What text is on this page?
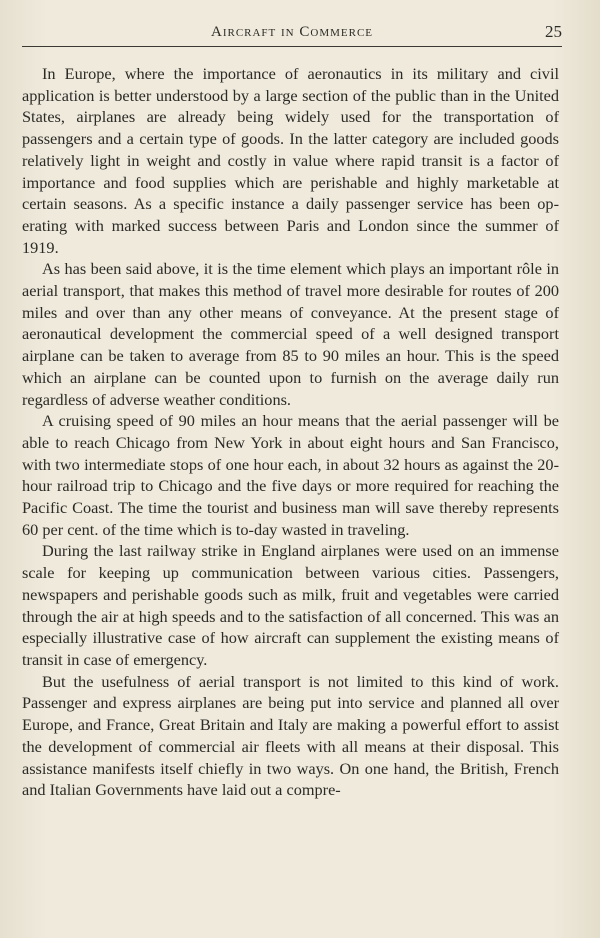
Aircraft in Commerce	25

In Europe, where the importance of aeronautics in its military and civil application is better understood by a large section of the public than in the United States, airplanes are already being widely used for the transportation of passengers and a certain type of goods. In the latter category are included goods relatively light in weight and costly in value where rapid transit is a factor of importance and food supplies which are perishable and highly marketable at certain seasons. As a specific instance a daily passenger service has been operating with marked success between Paris and London since the summer of 1919.

As has been said above, it is the time element which plays an important rôle in aerial transport, that makes this method of travel more desirable for routes of 200 miles and over than any other means of conveyance. At the present stage of aeronautical development the commercial speed of a well designed transport airplane can be taken to average from 85 to 90 miles an hour. This is the speed which an airplane can be counted upon to furnish on the average daily run regardless of adverse weather conditions.

A cruising speed of 90 miles an hour means that the aerial passenger will be able to reach Chicago from New York in about eight hours and San Francisco, with two intermediate stops of one hour each, in about 32 hours as against the 20-hour railroad trip to Chicago and the five days or more required for reaching the Pacific Coast. The time the tourist and business man will save thereby represents 60 per cent. of the time which is to-day wasted in traveling.

During the last railway strike in England airplanes were used on an immense scale for keeping up communication between various cities. Passengers, newspapers and perishable goods such as milk, fruit and vegetables were carried through the air at high speeds and to the satisfaction of all concerned. This was an especially illustrative case of how aircraft can supplement the existing means of transit in case of emergency.

But the usefulness of aerial transport is not limited to this kind of work. Passenger and express airplanes are being put into service and planned all over Europe, and France, Great Britain and Italy are making a powerful effort to assist the development of commercial air fleets with all means at their disposal. This assistance manifests itself chiefly in two ways. On one hand, the British, French and Italian Governments have laid out a compre-
